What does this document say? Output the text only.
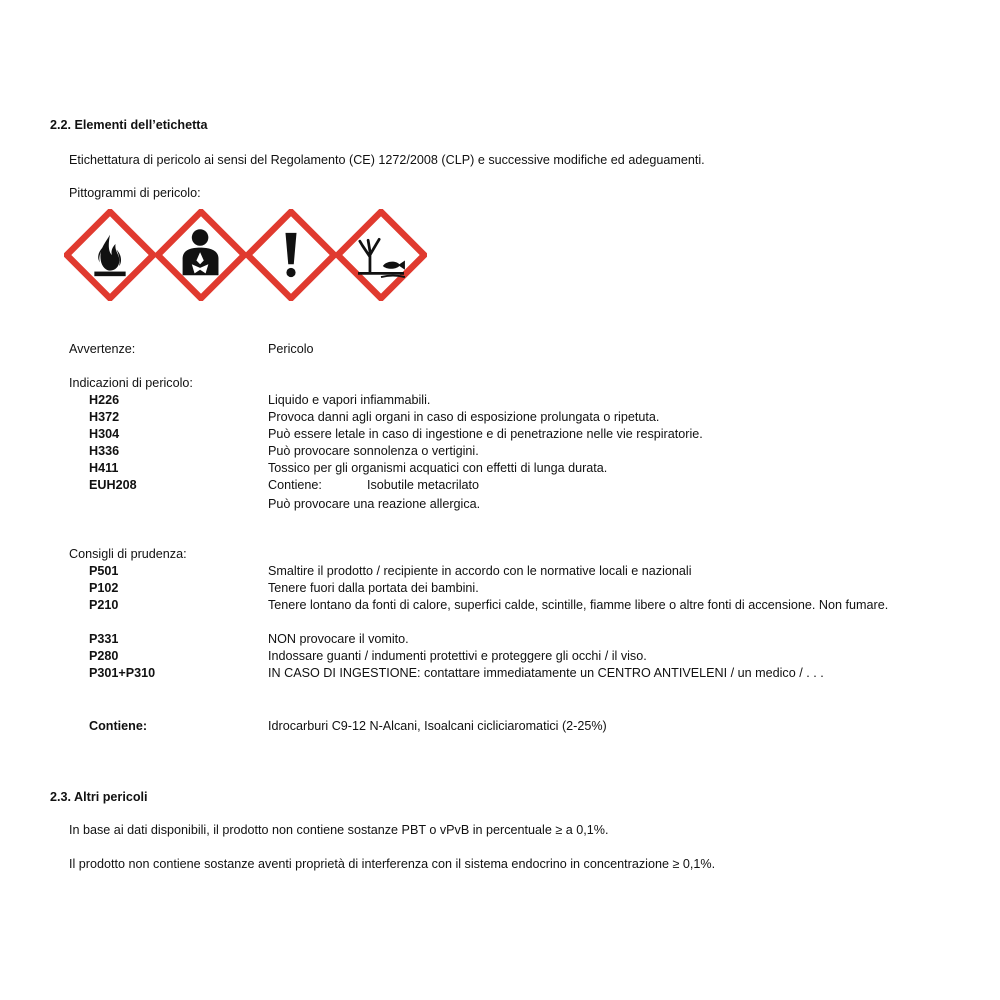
2.2. Elementi dell’etichetta
Etichettatura di pericolo ai sensi del Regolamento (CE) 1272/2008 (CLP) e successive modifiche ed adeguamenti.
Pittogrammi di pericolo:
Avvertenze:	Pericolo
Indicazioni di pericolo:
H226	Liquido e vapori infiammabili.
H372	Provoca danni agli organi in caso di esposizione prolungata o ripetuta.
H304	Può essere letale in caso di ingestione e di penetrazione nelle vie respiratorie.
H336	Può provocare sonnolenza o vertigini.
H411	Tossico per gli organismi acquatici con effetti di lunga durata.
EUH208	Contiene:	Isobutile metacrilato
Può provocare una reazione allergica.
Consigli di prudenza:
P501	Smaltire il prodotto / recipiente in accordo con le normative locali e nazionali
P102	Tenere fuori dalla portata dei bambini.
P210	Tenere lontano da fonti di calore, superfici calde, scintille, fiamme libere o altre fonti di accensione. Non fumare.
P331	NON provocare il vomito.
P280	Indossare guanti / indumenti protettivi e proteggere gli occhi / il viso.
P301+P310	IN CASO DI INGESTIONE: contattare immediatamente un CENTRO ANTIVELENI / un medico / . . .
Contiene:	Idrocarburi C9-12 N-Alcani, Isoalcani cicliciaromatici (2-25%)
2.3. Altri pericoli
In base ai dati disponibili, il prodotto non contiene sostanze PBT o vPvB in percentuale ≥ a 0,1%.
Il prodotto non contiene sostanze aventi proprietà di interferenza con il sistema endocrino in concentrazione ≥ 0,1%.
